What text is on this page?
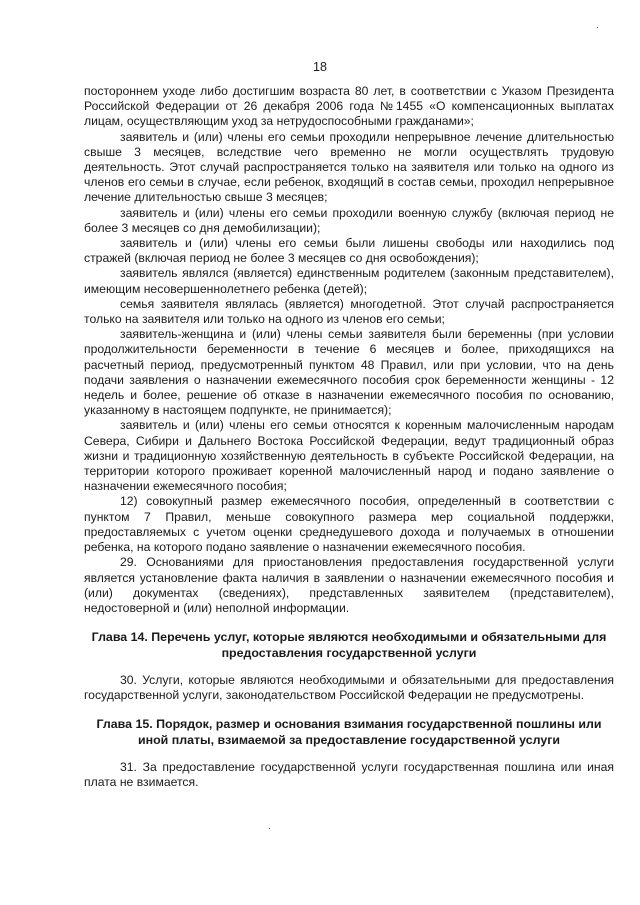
18

постороннем уходе либо достигшим возраста 80 лет, в соответствии с Указом Президента Российской Федерации от 26 декабря 2006 года №1455 «О компенсационных выплатах лицам, осуществляющим уход за нетрудоспособными гражданами»;

заявитель и (или) члены его семьи проходили непрерывное лечение длительностью свыше 3 месяцев, вследствие чего временно не могли осуществлять трудовую деятельность. Этот случай распространяется только на заявителя или только на одного из членов его семьи в случае, если ребенок, входящий в состав семьи, проходил непрерывное лечение длительностью свыше 3 месяцев;

заявитель и (или) члены его семьи проходили военную службу (включая период не более 3 месяцев со дня демобилизации);

заявитель и (или) члены его семьи были лишены свободы или находились под стражей (включая период не более 3 месяцев со дня освобождения);

заявитель являлся (является) единственным родителем (законным представителем), имеющим несовершеннолетнего ребенка (детей);

семья заявителя являлась (является) многодетной. Этот случай распространяется только на заявителя или только на одного из членов его семьи;

заявитель-женщина и (или) члены семьи заявителя были беременны (при условии продолжительности беременности в течение 6 месяцев и более, приходящихся на расчетный период, предусмотренный пунктом 48 Правил, или при условии, что на день подачи заявления о назначении ежемесячного пособия срок беременности женщины - 12 недель и более, решение об отказе в назначении ежемесячного пособия по основанию, указанному в настоящем подпункте, не принимается);

заявитель и (или) члены его семьи относятся к коренным малочисленным народам Севера, Сибири и Дальнего Востока Российской Федерации, ведут традиционный образ жизни и традиционную хозяйственную деятельность в субъекте Российской Федерации, на территории которого проживает коренной малочисленный народ и подано заявление о назначении ежемесячного пособия;

12) совокупный размер ежемесячного пособия, определенный в соответствии с пунктом 7 Правил, меньше совокупного размера мер социальной поддержки, предоставляемых с учетом оценки среднедушевого дохода и получаемых в отношении ребенка, на которого подано заявление о назначении ежемесячного пособия.

29. Основаниями для приостановления предоставления государственной услуги является установление факта наличия в заявлении о назначении ежемесячного пособия и (или) документах (сведениях), представленных заявителем (представителем), недостоверной и (или) неполной информации.

Глава 14. Перечень услуг, которые являются необходимыми и обязательными для предоставления государственной услуги

30. Услуги, которые являются необходимыми и обязательными для предоставления государственной услуги, законодательством Российской Федерации не предусмотрены.

Глава 15. Порядок, размер и основания взимания государственной пошлины или иной платы, взимаемой за предоставление государственной услуги

31. За предоставление государственной услуги государственная пошлина или иная плата не взимается.

·
·
